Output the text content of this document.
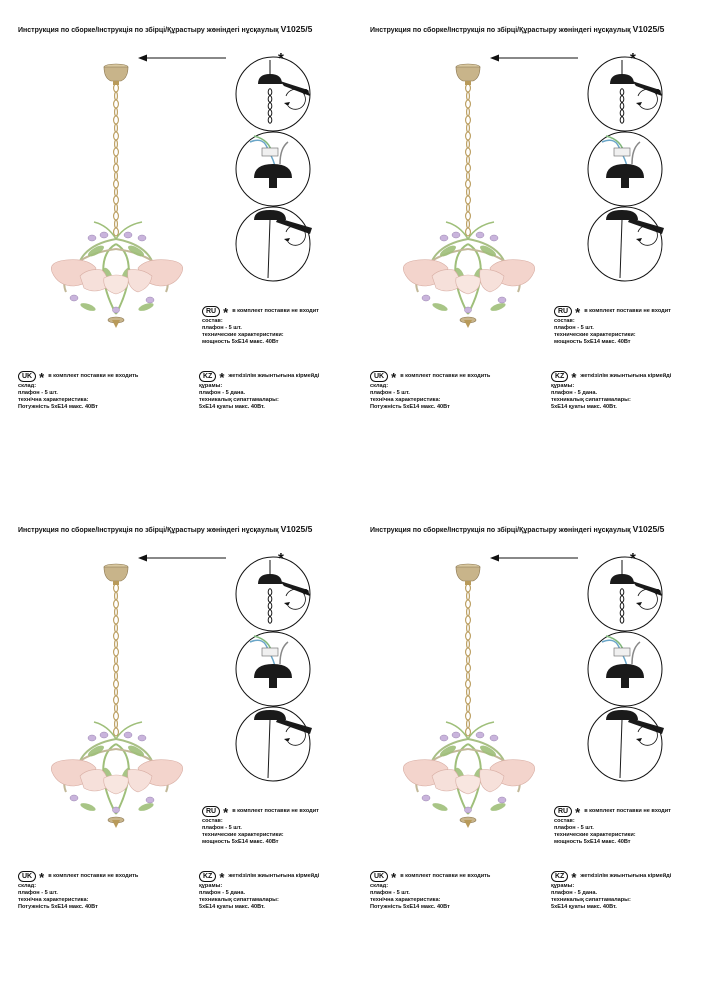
Инструкция по сборке/Інструкція по збірці/Құрастыру жөніндегі нұсқаулық V1025/5
*
*
RU * в комплект поставки не входит
состав:
плафон - 5 шт.
технические характеристики:
мощность 5хЕ14 макс. 40Вт
UK * в комплект поставки не входить
склад:
плафон - 5 шт.
технічна характеристика:
Потужність 5хЕ14 макс. 40Вт
KZ * жеткізілім жиынтығына кірмейді
құрамы:
плафон - 5 дана.
техникалық сипаттамалары:
5хЕ14 қуаты макс. 40Вт.
Инструкция по сборке/Інструкція по збірці/Құрастыру жөніндегі нұсқаулық V1025/5
*
*
RU * в комплект поставки не входит
состав:
плафон - 5 шт.
технические характеристики:
мощность 5хЕ14 макс. 40Вт
UK * в комплект поставки не входить
склад:
плафон - 5 шт.
технічна характеристика:
Потужність 5хЕ14 макс. 40Вт
KZ * жеткізілім жиынтығына кірмейді
құрамы:
плафон - 5 дана.
техникалық сипаттамалары:
5хЕ14 қуаты макс. 40Вт.
Инструкция по сборке/Інструкція по збірці/Құрастыру жөніндегі нұсқаулық V1025/5
*
*
RU * в комплект поставки не входит
состав:
плафон - 5 шт.
технические характеристики:
мощность 5хЕ14 макс. 40Вт
UK * в комплект поставки не входить
склад:
плафон - 5 шт.
технічна характеристика:
Потужність 5хЕ14 макс. 40Вт
KZ * жеткізілім жиынтығына кірмейді
құрамы:
плафон - 5 дана.
техникалық сипаттамалары:
5хЕ14 қуаты макс. 40Вт.
Инструкция по сборке/Інструкція по збірці/Құрастыру жөніндегі нұсқаулық V1025/5
*
*
RU * в комплект поставки не входит
состав:
плафон - 5 шт.
технические характеристики:
мощность 5хЕ14 макс. 40Вт
UK * в комплект поставки не входить
склад:
плафон - 5 шт.
технічна характеристика:
Потужність 5хЕ14 макс. 40Вт
KZ * жеткізілім жиынтығына кірмейді
құрамы:
плафон - 5 дана.
техникалық сипаттамалары:
5хЕ14 қуаты макс. 40Вт.
